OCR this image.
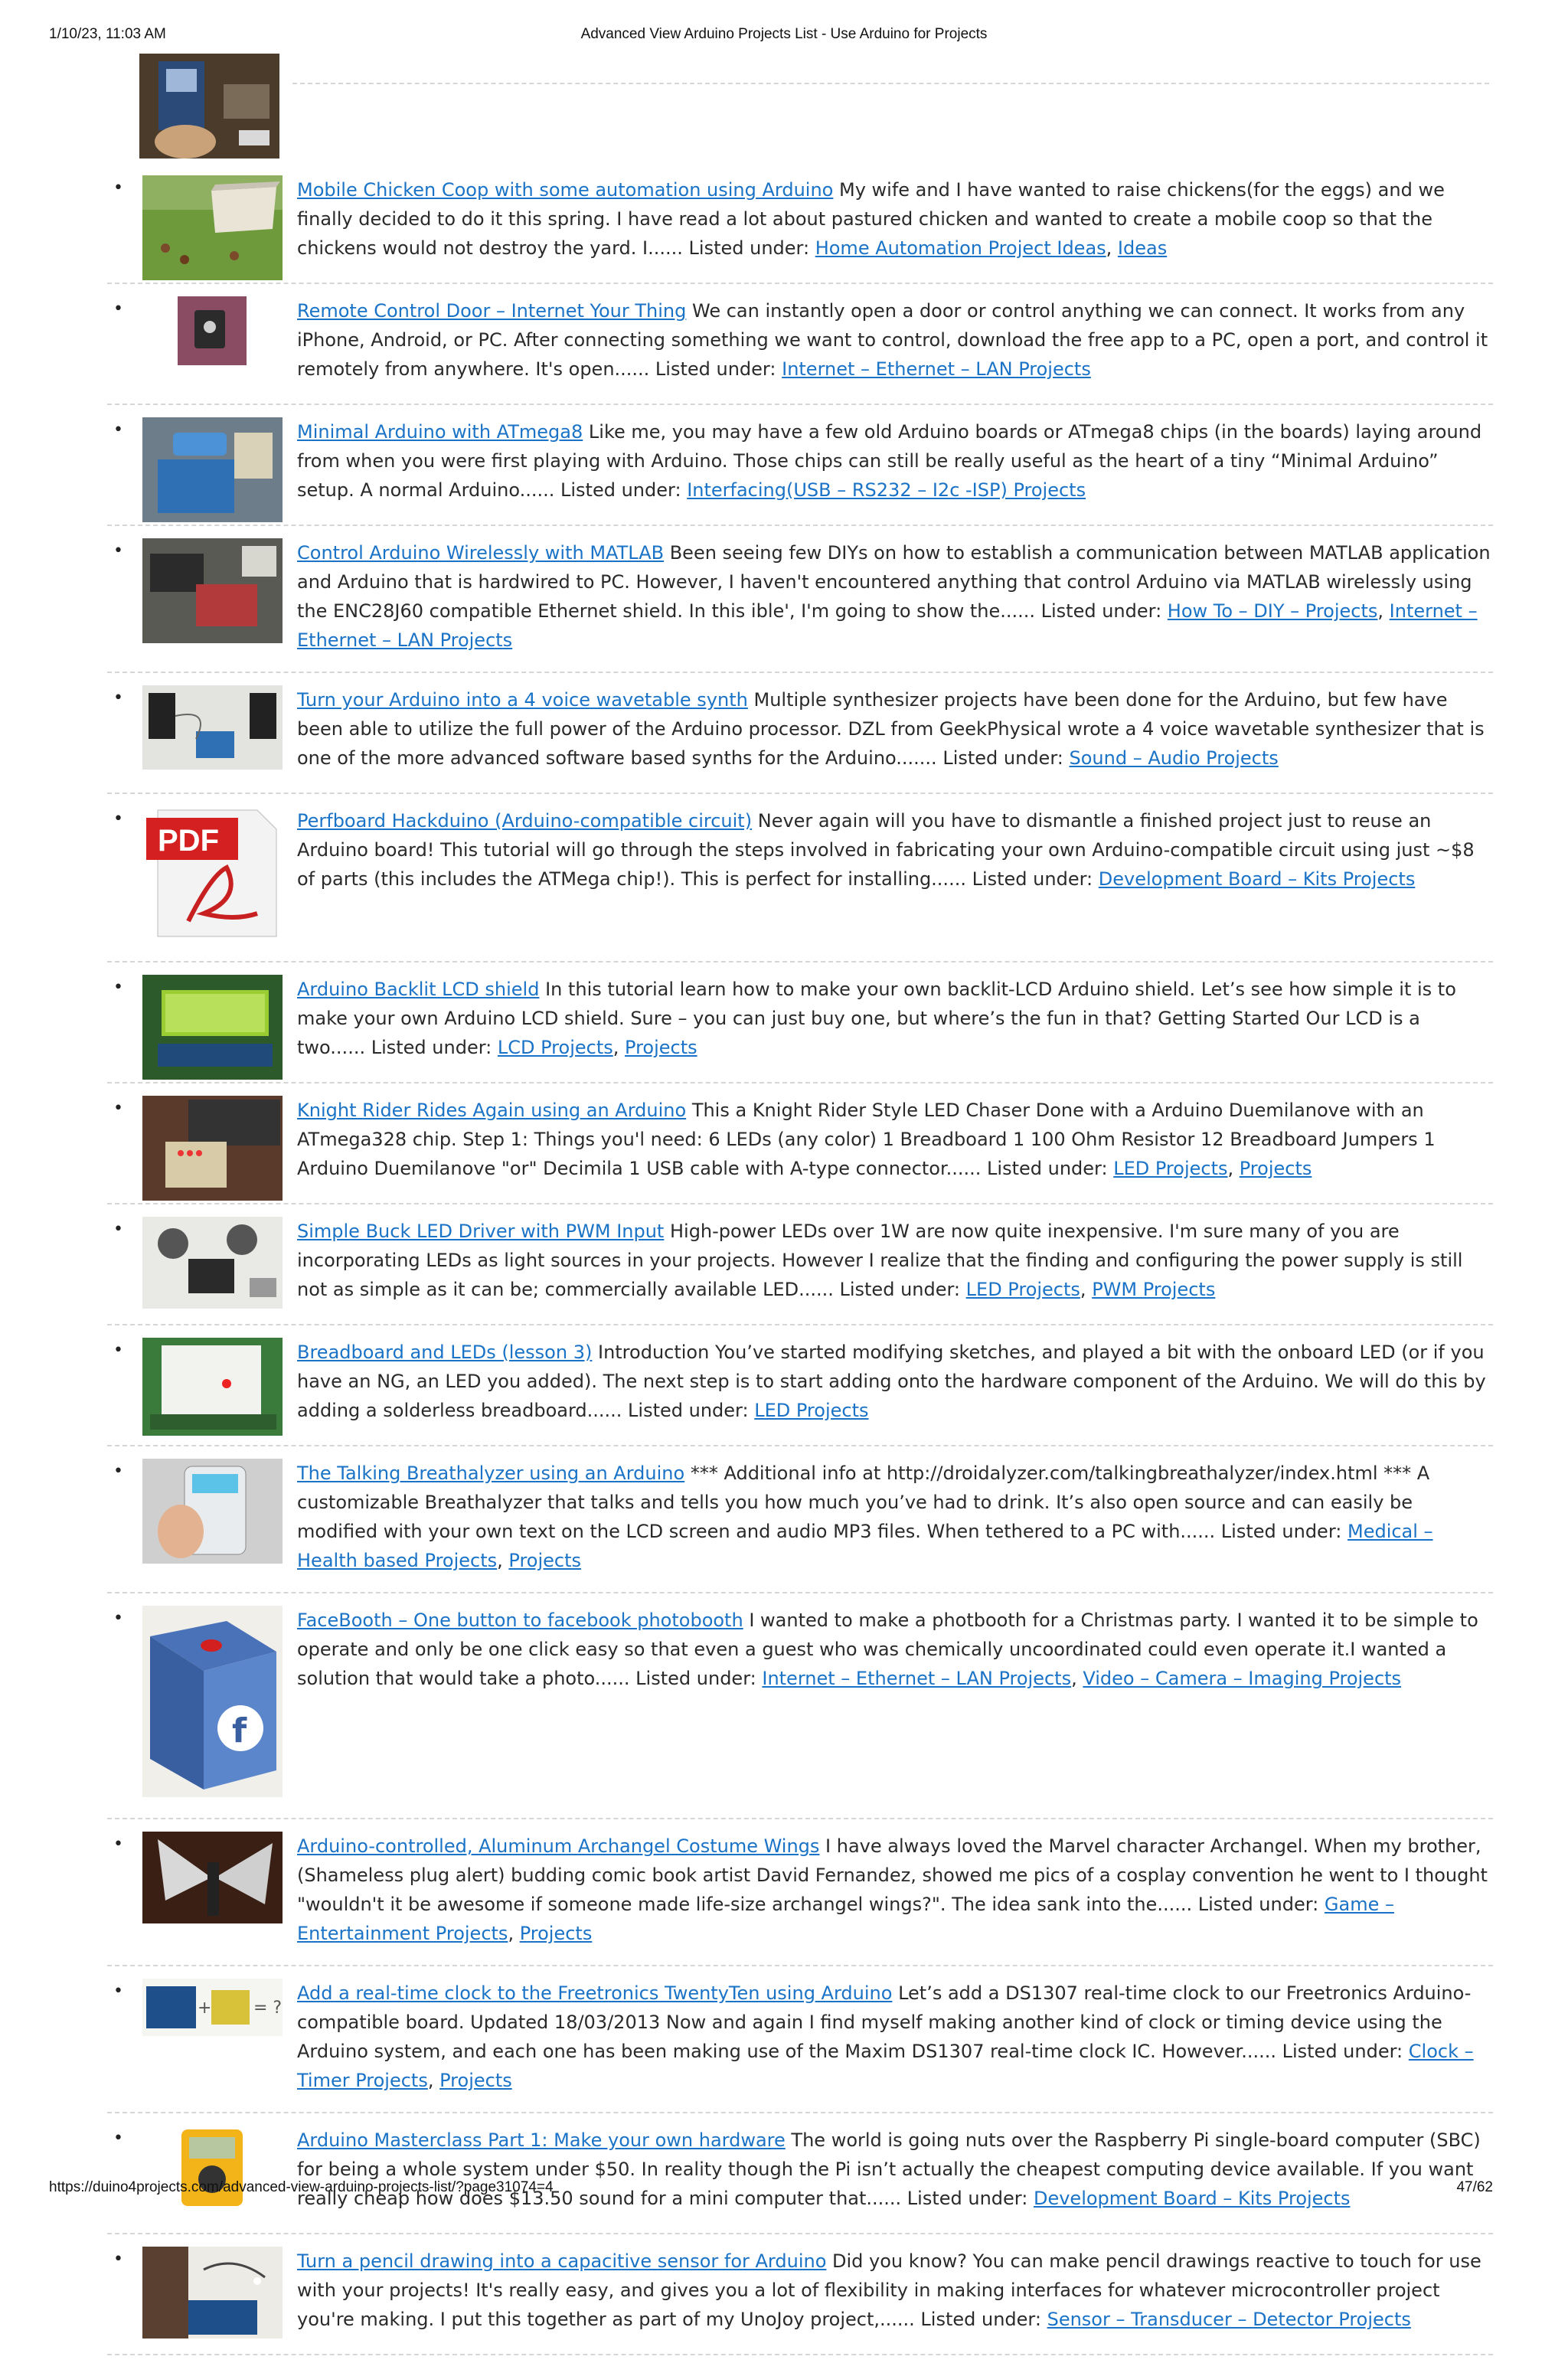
1/10/23, 11:03 AM	Advanced View Arduino Projects List - Use Arduino for Projects
•	Mobile Chicken Coop with some automation using Arduino My wife and I have wanted to raise chickens(for the eggs) and we finally decided to do it this spring. I have read a lot about pastured chicken and wanted to create a mobile coop so that the chickens would not destroy the yard. I...... Listed under: Home Automation Project Ideas, Ideas
•	Remote Control Door – Internet Your Thing We can instantly open a door or control anything we can connect. It works from any iPhone, Android, or PC. After connecting something we want to control, download the free app to a PC, open a port, and control it remotely from anywhere. It's open...... Listed under: Internet – Ethernet – LAN Projects
•	Minimal Arduino with ATmega8 Like me, you may have a few old Arduino boards or ATmega8 chips (in the boards) laying around from when you were first playing with Arduino. Those chips can still be really useful as the heart of a tiny “Minimal Arduino” setup. A normal Arduino...... Listed under: Interfacing(USB – RS232 – I2c -ISP) Projects
•	Control Arduino Wirelessly with MATLAB Been seeing few DIYs on how to establish a communication between MATLAB application and Arduino that is hardwired to PC. However, I haven't encountered anything that control Arduino via MATLAB wirelessly using the ENC28J60 compatible Ethernet shield. In this ible', I'm going to show the...... Listed under: How To – DIY – Projects, Internet – Ethernet – LAN Projects
•	Turn your Arduino into a 4 voice wavetable synth Multiple synthesizer projects have been done for the Arduino, but few have been able to utilize the full power of the Arduino processor. DZL from GeekPhysical wrote a 4 voice wavetable synthesizer that is one of the more advanced software based synths for the Arduino....... Listed under: Sound – Audio Projects
•
PDF
Perfboard Hackduino (Arduino-compatible circuit) Never again will you have to dismantle a finished project just to reuse an Arduino board! This tutorial will go through the steps involved in fabricating your own Arduino-compatible circuit using just ~$8 of parts (this includes the ATMega chip!). This is perfect for installing...... Listed under: Development Board – Kits Projects
•	Arduino Backlit LCD shield In this tutorial learn how to make your own backlit-LCD Arduino shield. Let’s see how simple it is to make your own Arduino LCD shield. Sure – you can just buy one, but where’s the fun in that? Getting Started Our LCD is a two...... Listed under: LCD Projects, Projects
•	Knight Rider Rides Again using an Arduino This a Knight Rider Style LED Chaser Done with a Arduino Duemilanove with an ATmega328 chip. Step 1: Things you'l need: 6 LEDs (any color) 1 Breadboard 1 100 Ohm Resistor 12 Breadboard Jumpers 1 Arduino Duemilanove "or" Decimila 1 USB cable with A-type connector...... Listed under: LED Projects, Projects
•	Simple Buck LED Driver with PWM Input High-power LEDs over 1W are now quite inexpensive. I'm sure many of you are incorporating LEDs as light sources in your projects. However I realize that the finding and configuring the power supply is still not as simple as it can be; commercially available LED...... Listed under: LED Projects, PWM Projects
•	Breadboard and LEDs (lesson 3) Introduction You’ve started modifying sketches, and played a bit with the onboard LED (or if you have an NG, an LED you added). The next step is to start adding onto the hardware component of the Arduino. We will do this by adding a solderless breadboard...... Listed under: LED Projects
•	The Talking Breathalyzer using an Arduino *** Additional info at http://droidalyzer.com/talkingbreathalyzer/index.html *** A customizable Breathalyzer that talks and tells you how much you’ve had to drink. It’s also open source and can easily be modified with your own text on the LCD screen and audio MP3 files. When tethered to a PC with...... Listed under: Medical – Health based Projects, Projects
•
f
FaceBooth – One button to facebook photobooth I wanted to make a photbooth for a Christmas party. I wanted it to be simple to operate and only be one click easy so that even a guest who was chemically uncoordinated could even operate it.I wanted a solution that would take a photo...... Listed under: Internet – Ethernet – LAN Projects, Video – Camera – Imaging Projects
•	Arduino-controlled, Aluminum Archangel Costume Wings I have always loved the Marvel character Archangel. When my brother, (Shameless plug alert) budding comic book artist David Fernandez, showed me pics of a cosplay convention he went to I thought "wouldn't it be awesome if someone made life-size archangel wings?". The idea sank into the...... Listed under: Game – Entertainment Projects, Projects
•
+ = ?
Add a real-time clock to the Freetronics TwentyTen using Arduino Let’s add a DS1307 real-time clock to our Freetronics Arduino-compatible board. Updated 18/03/2013 Now and again I find myself making another kind of clock or timing device using the Arduino system, and each one has been making use of the Maxim DS1307 real-time clock IC. However...... Listed under: Clock – Timer Projects, Projects
•	Arduino Masterclass Part 1: Make your own hardware The world is going nuts over the Raspberry Pi single-board computer (SBC) for being a whole system under $50. In reality though the Pi isn’t actually the cheapest computing device available. If you want really cheap how does $13.50 sound for a mini computer that...... Listed under: Development Board – Kits Projects
•	Turn a pencil drawing into a capacitive sensor for Arduino Did you know? You can make pencil drawings reactive to touch for use with your projects! It's really easy, and gives you a lot of flexibility in making interfaces for whatever microcontroller project you're making. I put this together as part of my UnoJoy project,...... Listed under: Sensor – Transducer – Detector Projects
https://duino4projects.com/advanced-view-arduino-projects-list/?page31074=4	47/62
